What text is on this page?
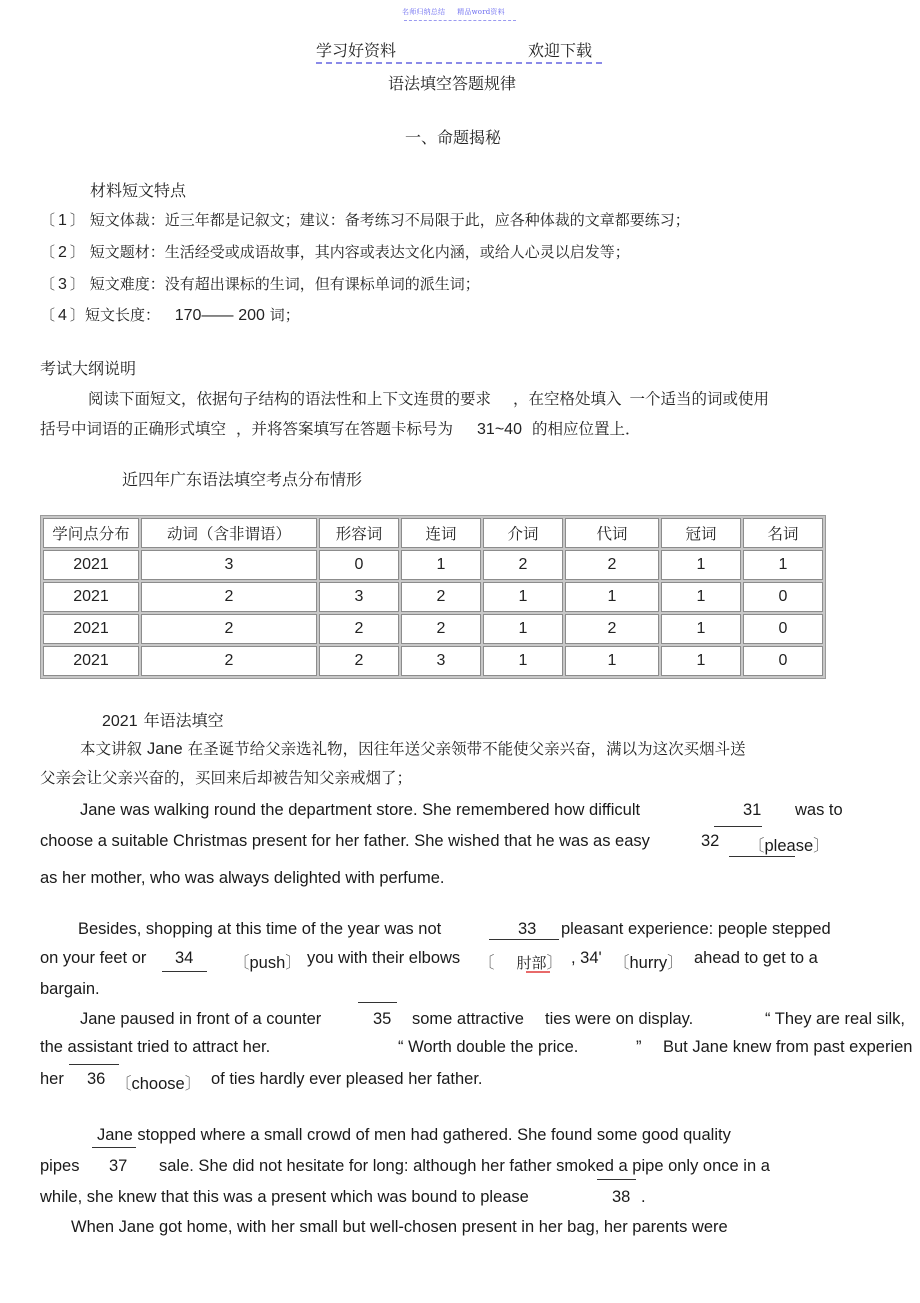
名师归纳总结 精品word资料
学习好资料	欢迎下载
语法填空答题规律
一、命题揭秘
材料短文特点
〔 1 〕 短文体裁：近三年都是记叙文；建议：备考练习不局限于此，应各种体裁的文章都要练习；
〔 2 〕 短文题材：生活经受或成语故事，其内容或表达文化内涵，或给人心灵以启发等；
〔 3 〕 短文难度：没有超出课标的生词，但有课标单词的派生词；
〔 4 〕短文长度： 170—— 200 词；
考试大纲说明
阅读下面短文，依据句子结构的语法性和上下文连贯的要求 ，在空格处填入 一个适当的词或使用
括号中词语的正确形式填空 ，并将答案填写在答题卡标号为 31~40 的相应位置上．
近四年广东语法填空考点分布情形
学问点分布	动词（含非谓语）	形容词	连词	介词	代词	冠词	名词
2021	3	0	1	2	2	1	1
2021	2	3	2	1	1	1	0
2021	2	2	2	1	2	1	0
2021	2	2	3	1	1	1	0
2021 年语法填空
本文讲叙 Jane 在圣诞节给父亲选礼物，因往年送父亲领带不能使父亲兴奋，满以为这次买烟斗送
父亲会让父亲兴奋的，买回来后却被告知父亲戒烟了；
Jane was walking round the department store. She remembered how difficult	31 was to
choose a suitable Christmas present for her father. She wished that he was as easy	32 〔please〕
as her mother, who was always delighted with perfume.
Besides, shopping at this time of the year was not	33 pleasant experience: people stepped
on your feet or 34 〔push〕 you with their elbows 〔 肘部〕 , 34' 〔hurry〕 ahead to get to a
bargain.
Jane paused in front of a counter	35 some attractive ties were on display.	“ They are real silk,
the assistant tried to attract her.	“ Worth double the price.	” But Jane knew from past experien
her 36 〔choose〕 of ties hardly ever pleased her father.
Jane stopped where a small crowd of men had gathered. She found some good quality
pipes 37 sale. She did not hesitate for long: although her father smoked a pipe only once in a
while, she knew that this was a present which was bound to please	38 .
When Jane got home, with her small but well-chosen present in her bag, her parents were
